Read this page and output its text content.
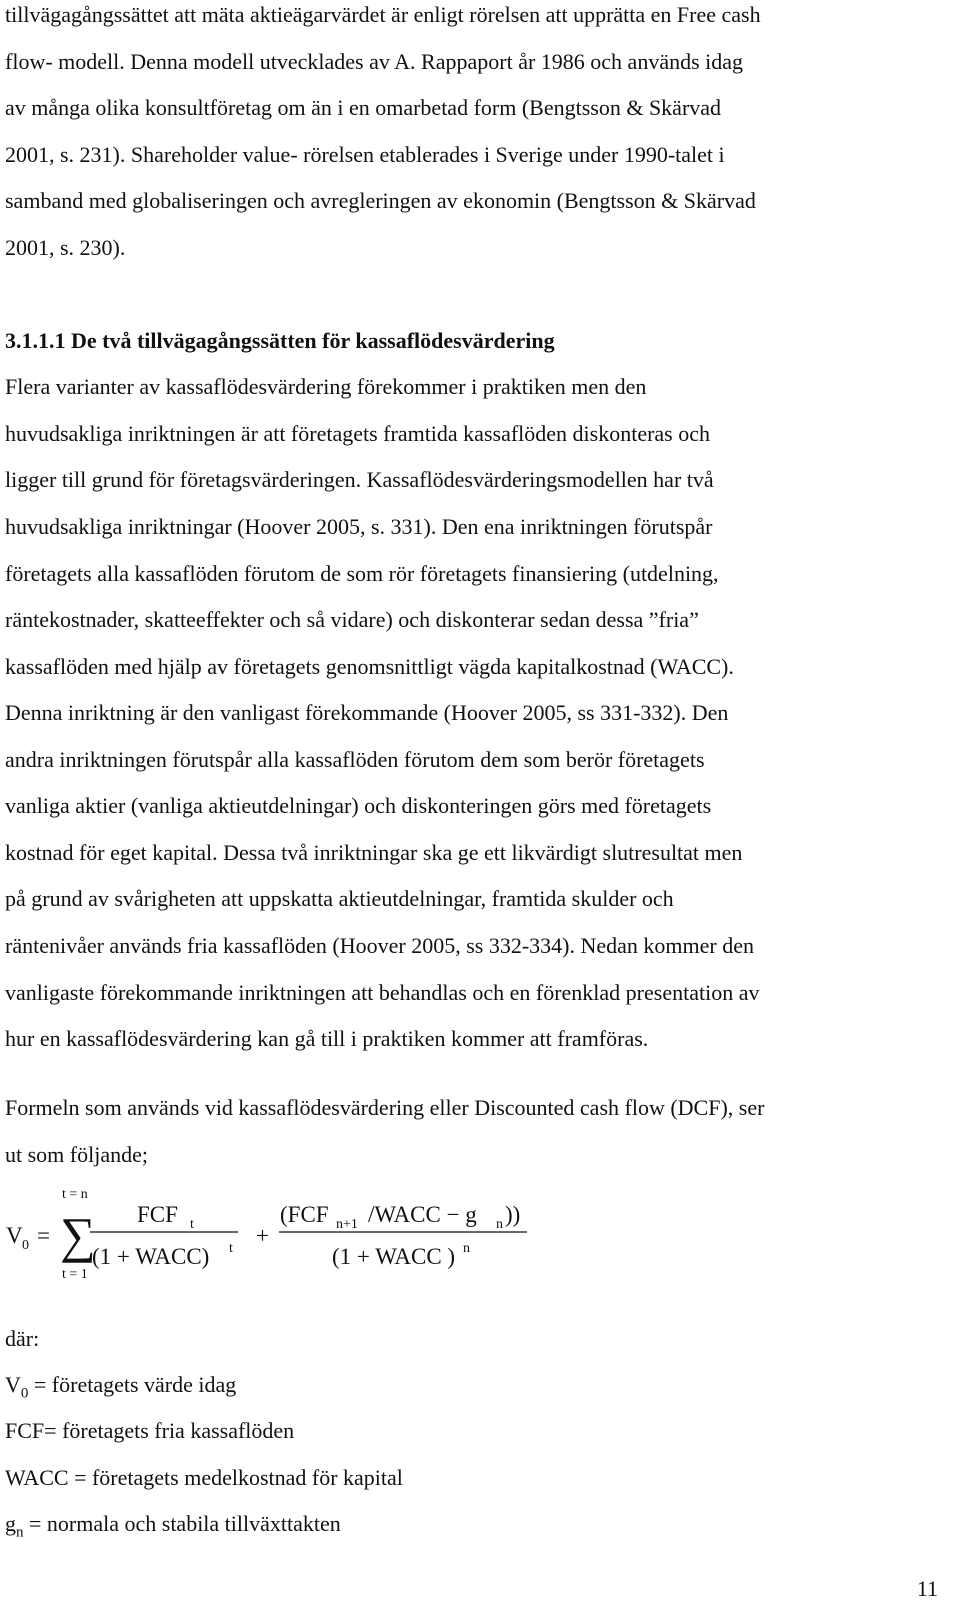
tillvägagångssättet att mäta aktieägarvärdet är enligt rörelsen att upprätta en Free cash
flow- modell. Denna modell utvecklades av A. Rappaport år 1986 och används idag
av många olika konsultföretag om än i en omarbetad form (Bengtsson & Skärvad
2001, s. 231). Shareholder value- rörelsen etablerades i Sverige under 1990-talet i
samband med globaliseringen och avregleringen av ekonomin (Bengtsson & Skärvad
2001, s. 230).
3.1.1.1 De två tillvägagångssätten för kassaflödesvärdering
Flera varianter av kassaflödesvärdering förekommer i praktiken men den
huvudsakliga inriktningen är att företagets framtida kassaflöden diskonteras och
ligger till grund för företagsvärderingen. Kassaflödesvärderingsmodellen har två
huvudsakliga inriktningar (Hoover 2005, s. 331). Den ena inriktningen förutspår
företagets alla kassaflöden förutom de som rör företagets finansiering (utdelning,
räntekostnader, skatteeffekter och så vidare) och diskonterar sedan dessa ”fria”
kassaflöden med hjälp av företagets genomsnittligt vägda kapitalkostnad (WACC).
Denna inriktning är den vanligast förekommande (Hoover 2005, ss 331-332). Den
andra inriktningen förutspår alla kassaflöden förutom dem som berör företagets
vanliga aktier (vanliga aktieutdelningar) och diskonteringen görs med företagets
kostnad för eget kapital. Dessa två inriktningar ska ge ett likvärdigt slutresultat men
på grund av svårigheten att uppskatta aktieutdelningar, framtida skulder och
räntenivåer används fria kassaflöden (Hoover 2005, ss 332-334). Nedan kommer den
vanligaste förekommande inriktningen att behandlas och en förenklad presentation av
hur en kassaflödesvärdering kan gå till i praktiken kommer att framföras.
Formeln som används vid kassaflödesvärdering eller Discounted cash flow (DCF), ser
ut som följande;
V 0 =
t = n
∑
t = 1
FCF t
(1 + WACC) t
+
(FCF n+1 /WACC − g n ))
(1 + WACC ) n
där:
$V_0$ = företagets värde idag
FCF= företagets fria kassaflöden
WACC = företagets medelkostnad för kapital
$g_n$ = normala och stabila tillväxttakten
11
